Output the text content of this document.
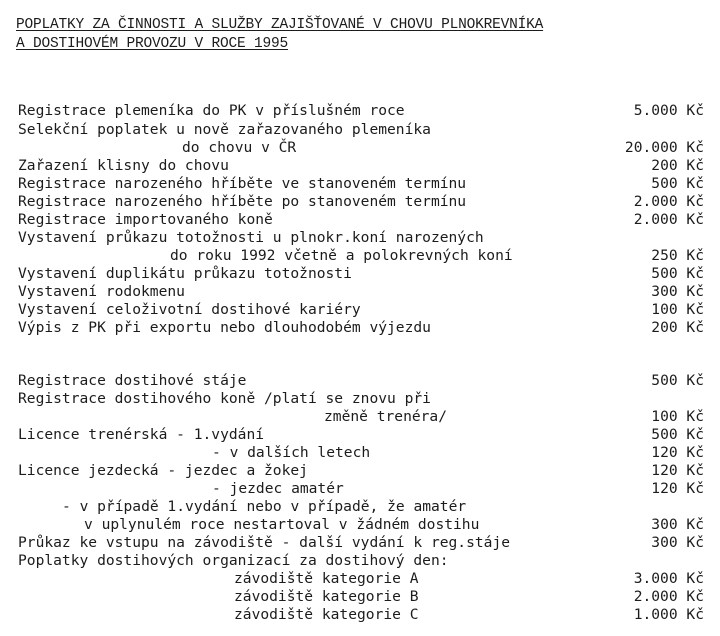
POPLATKY ZA ČINNOSTI A SLUŽBY ZAJIŠŤOVANÉ V CHOVU PLNOKREVNÍKA
A DOSTIHOVÉM PROVOZU V ROCE 1995
Registrace plemeníka do PK v příslušném roce	5.000 Kč
Selekční poplatek u nově zařazovaného plemeníka
do chovu v ČR	20.000 Kč
Zařazení klisny do chovu	200 Kč
Registrace narozeného hříběte ve stanoveném termínu	500 Kč
Registrace narozeného hříběte po stanoveném termínu	2.000 Kč
Registrace importovaného koně	2.000 Kč
Vystavení průkazu totožnosti u plnokr.koní narozených
do roku 1992 včetně a polokrevných koní	250 Kč
Vystavení duplikátu průkazu totožnosti	500 Kč
Vystavení rodokmenu	300 Kč
Vystavení celoživotní dostihové kariéry	100 Kč
Výpis z PK při exportu nebo dlouhodobém výjezdu	200 Kč
Registrace dostihové stáje	500 Kč
Registrace dostihového koně /platí se znovu při
změně trenéra/	100 Kč
Licence trenérská - 1.vydání	500 Kč
- v dalších letech	120 Kč
Licence jezdecká - jezdec a žokej	120 Kč
- jezdec amatér	120 Kč
- v případě 1.vydání nebo v případě, že amatér
v uplynulém roce nestartoval v žádném dostihu	300 Kč
Průkaz ke vstupu na závodiště - další vydání k reg.stáje	300 Kč
Poplatky dostihových organizací za dostihový den:
závodiště kategorie A	3.000 Kč
závodiště kategorie B	2.000 Kč
závodiště kategorie C	1.000 Kč
